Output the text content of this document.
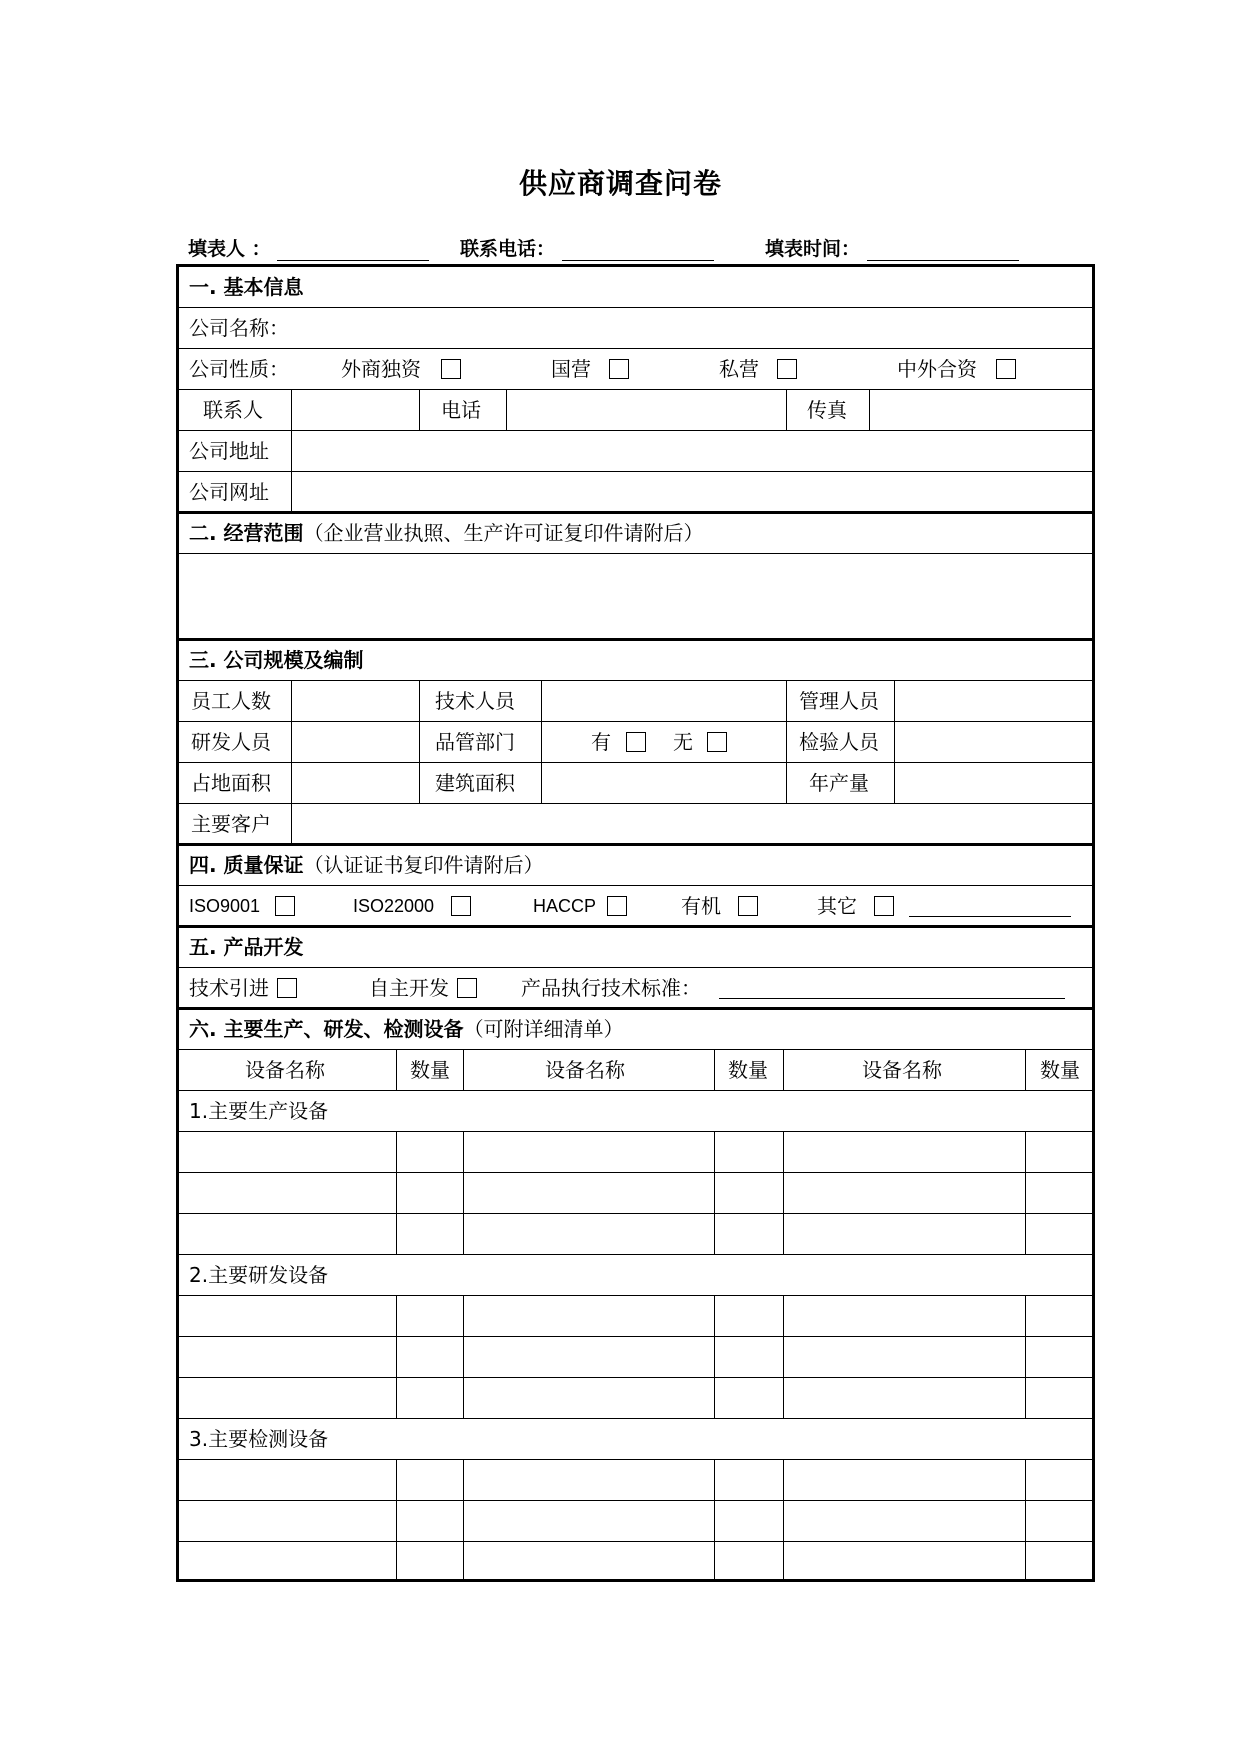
供应商调查问卷
填表人 ：	联系电话：	填表时间：
一. 基本信息
公司名称：
公司性质：	外商独资	国营	私营	中外合资
联系人	电话	传真
公司地址
公司网址
二. 经营范围（企业营业执照、生产许可证复印件请附后）
三. 公司规模及编制
员工人数	技术人员	管理人员
研发人员	品管部门	有	无	检验人员
占地面积	建筑面积	年产量
主要客户
四. 质量保证（认证证书复印件请附后）
ISO9001	ISO22000	HACCP	有机	其它
五. 产品开发
技术引进	自主开发	产品执行技术标准：
六. 主要生产、研发、检测设备（可附详细清单）
设备名称	数量	设备名称	数量	设备名称	数量
1.主要生产设备
2.主要研发设备
3.主要检测设备
